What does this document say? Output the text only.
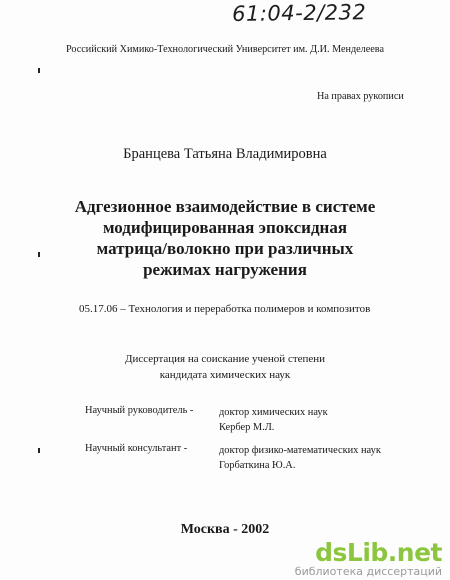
61:04-2/232
Российский Химико-Технологический Университет им. Д.И. Менделеева
На правах рукописи
Бранцева Татьяна Владимировна
Адгезионное взаимодействие в системе
модифицированная эпоксидная
матрица/волокно при различных
режимах нагружения
05.17.06 – Технология и переработка полимеров и композитов
Диссертация на соискание ученой степени
кандидата химических наук
Научный руководитель - доктор химических наук
Кербер М.Л.
Научный консультант -	доктор физико-математических наук
Горбаткина Ю.А.
Москва - 2002
dsLib.net
библиотека диссертаций
